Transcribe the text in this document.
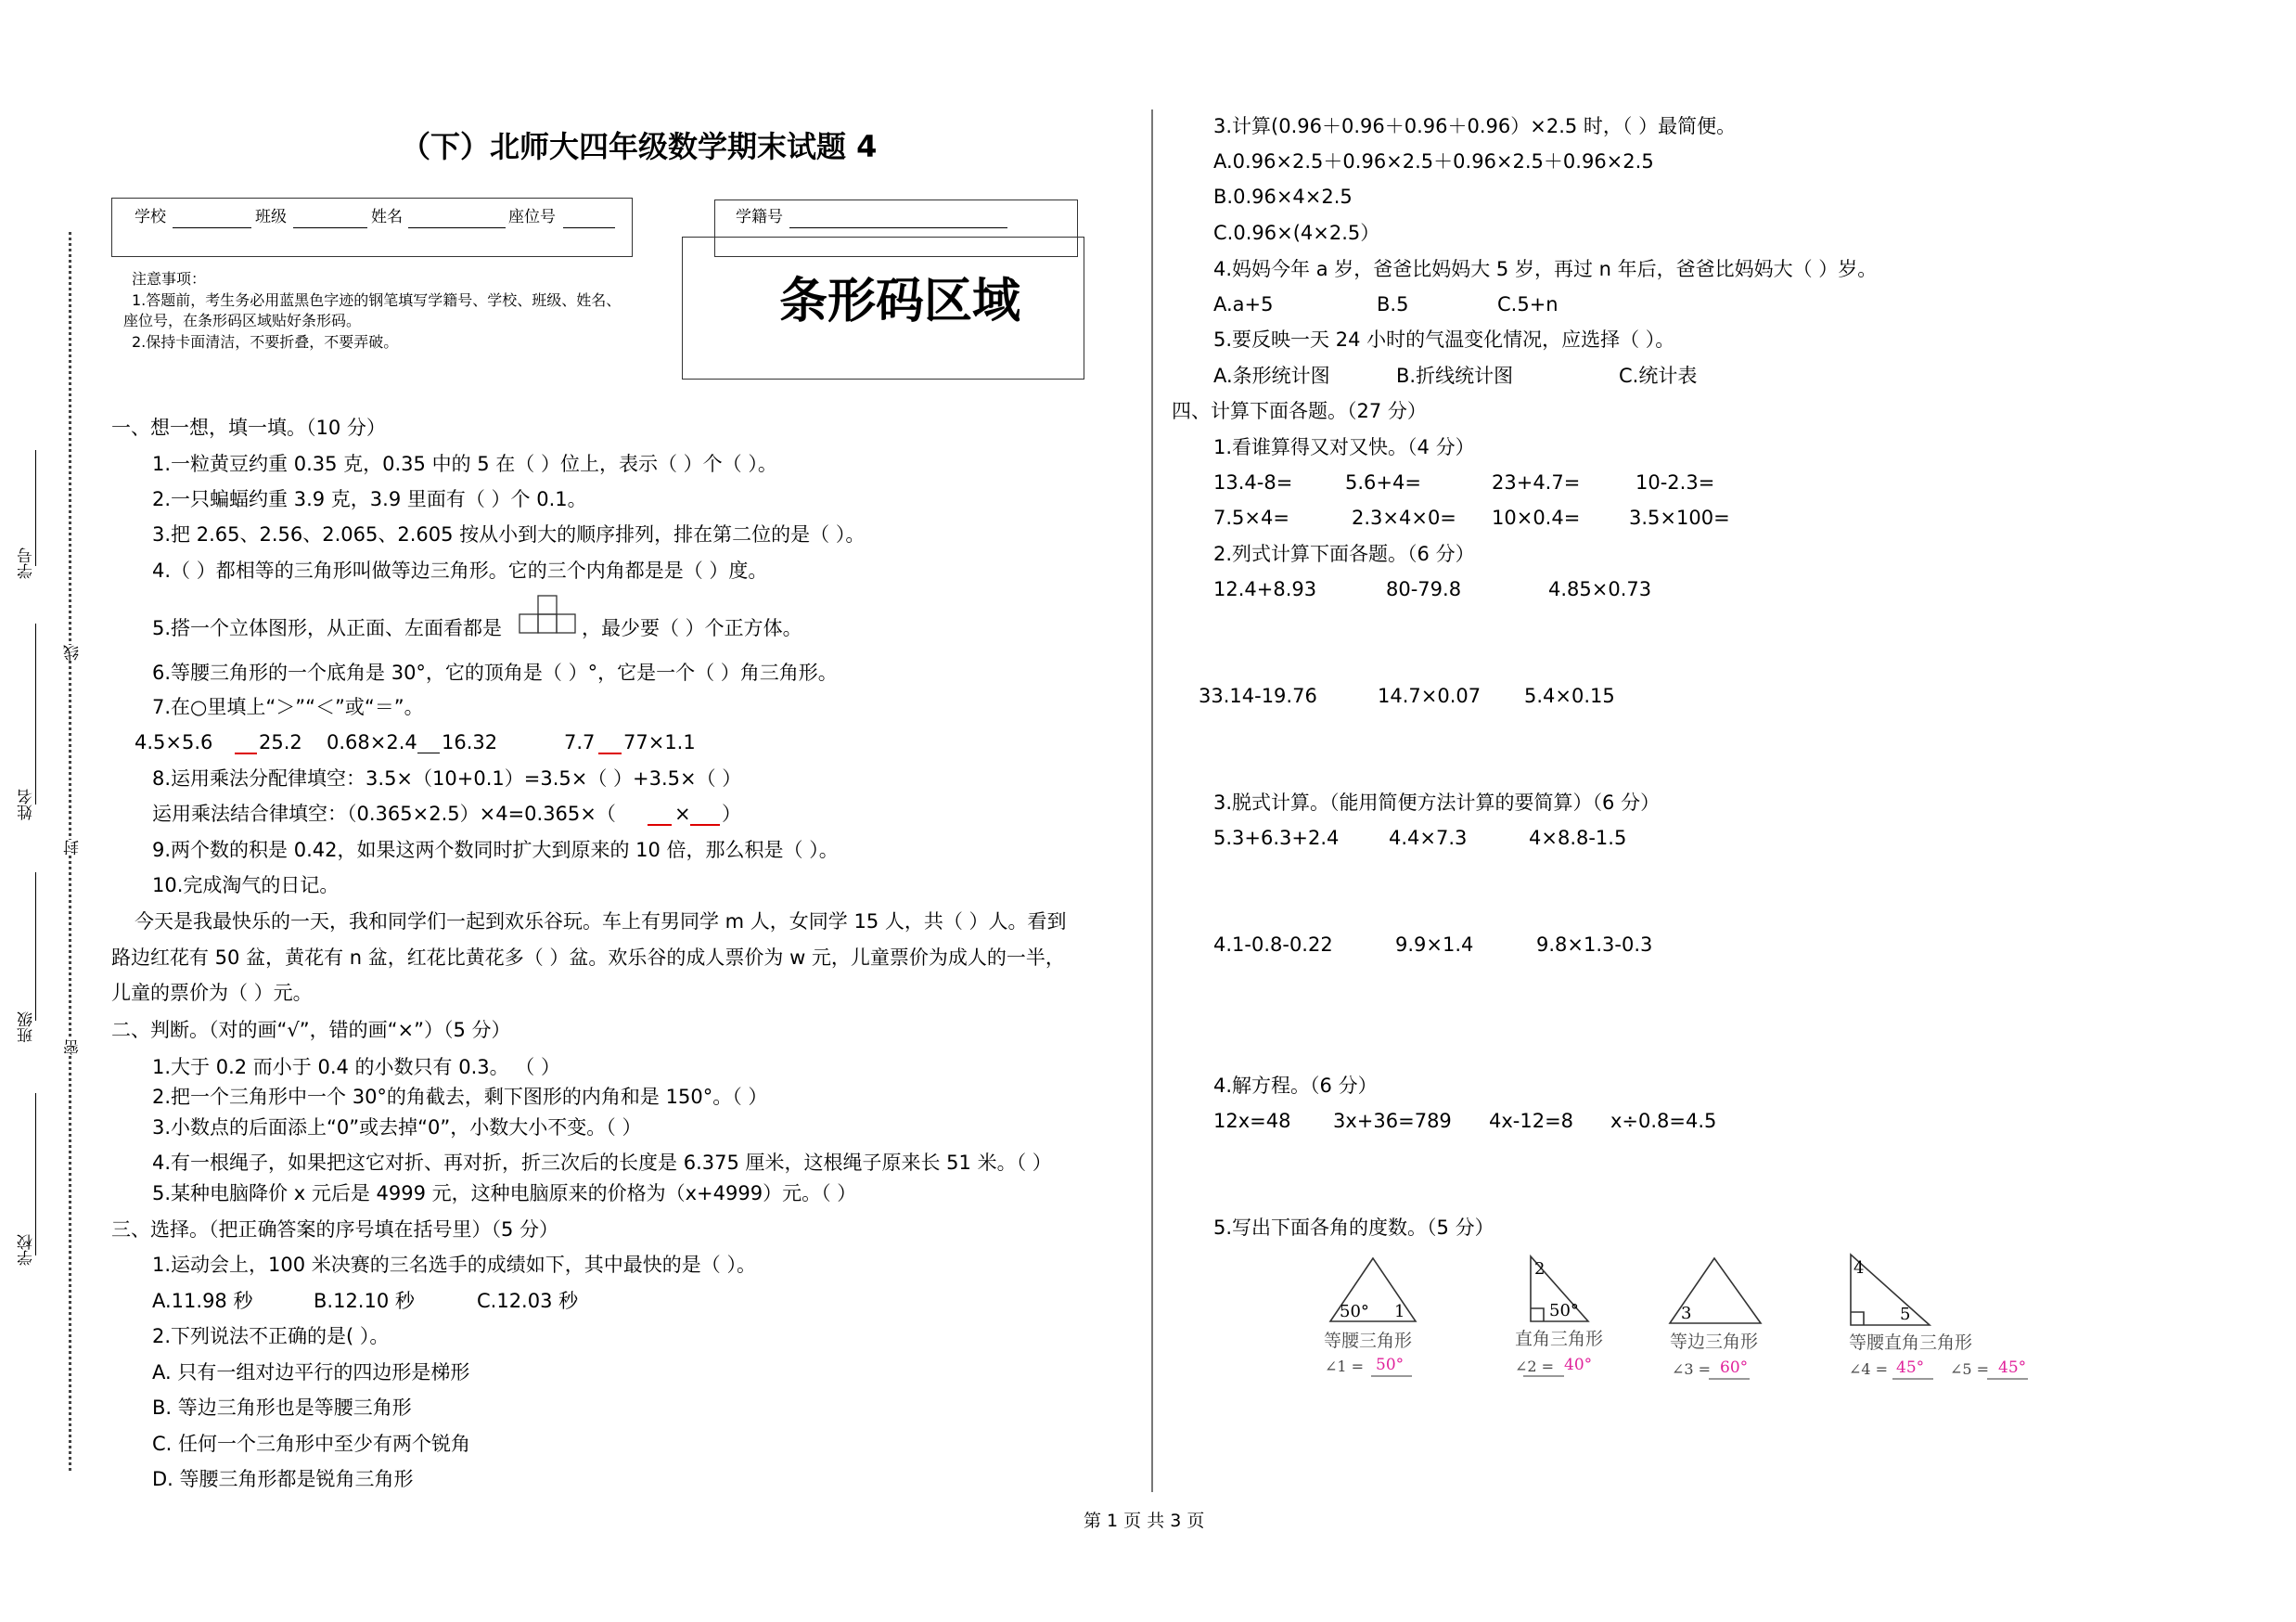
（下）北师大四年级数学期末试题 4
学校	班级	姓名	座位号	学籍号
条形码区域
注意事项：
1.答题前，考生务必用蓝黑色字迹的钢笔填写学籍号、学校、班级、姓名、
座位号，在条形码区域贴好条形码。
2.保持卡面清洁，不要折叠，不要弄破。
学号
姓名
班级
学校
线
封
密
一、想一想，填一填。（10 分）
1.一粒黄豆约重 0.35 克，0.35 中的 5 在（ ）位上，表示（ ）个（ ）。
2.一只蝙蝠约重 3.9 克，3.9 里面有（ ）个 0.1。
3.把 2.65、2.56、2.065、2.605 按从小到大的顺序排列，排在第二位的是（ ）。
4.（ ）都相等的三角形叫做等边三角形。它的三个内角都是是（ ）度。
5.搭一个立体图形，从正面、左面看都是	，最少要（ ）个正方体。
6.等腰三角形的一个底角是 30°，它的顶角是（ ）°，它是一个（ ）角三角形。
7.在○里填上“＞”“＜”或“＝”。
4.5×5.6 25.2 0.68×2.4 16.32	7.7 77×1.1
8.运用乘法分配律填空：3.5×（10+0.1）=3.5×（ ）+3.5×（ ）
运用乘法结合律填空：（0.365×2.5）×4=0.365×（	× ）
9.两个数的积是 0.42，如果这两个数同时扩大到原来的 10 倍，那么积是（ ）。
10.完成淘气的日记。
今天是我最快乐的一天，我和同学们一起到欢乐谷玩。车上有男同学 m 人，女同学 15 人，共（ ）人。看到
路边红花有 50 盆，黄花有 n 盆，红花比黄花多（ ）盆。欢乐谷的成人票价为 w 元，儿童票价为成人的一半，
儿童的票价为（ ）元。
二、判断。（对的画“√”，错的画“×”）（5 分）
1.大于 0.2 而小于 0.4 的小数只有 0.3。 （ ）
2.把一个三角形中一个 30°的角截去，剩下图形的内角和是 150°。（ ）
3.小数点的后面添上“0”或去掉“0”，小数大小不变。（ ）
4.有一根绳子，如果把这它对折、再对折，折三次后的长度是 6.375 厘米，这根绳子原来长 51 米。（ ）
5.某种电脑降价 x 元后是 4999 元，这种电脑原来的价格为（x+4999）元。（ ）
三、选择。（把正确答案的序号填在括号里）（5 分）
1.运动会上，100 米决赛的三名选手的成绩如下，其中最快的是（ ）。
A.11.98 秒	B.12.10 秒	C.12.03 秒
2.下列说法不正确的是( ）。
A. 只有一组对边平行的四边形是梯形
B. 等边三角形也是等腰三角形
C. 任何一个三角形中至少有两个锐角
D. 等腰三角形都是锐角三角形
3.计算(0.96＋0.96＋0.96＋0.96）×2.5 时，（ ）最简便。
A.0.96×2.5＋0.96×2.5＋0.96×2.5＋0.96×2.5
B.0.96×4×2.5
C.0.96×(4×2.5）
4.妈妈今年 a 岁，爸爸比妈妈大 5 岁，再过 n 年后，爸爸比妈妈大（ ）岁。
A.a+5	B.5	C.5+n
5.要反映一天 24 小时的气温变化情况，应选择（ ）。
A.条形统计图	B.折线统计图	C.统计表
四、计算下面各题。（27 分）
1.看谁算得又对又快。（4 分）
13.4-8=	5.6+4=	23+4.7=	10-2.3=
7.5×4=	2.3×4×0= 10×0.4=	3.5×100=
2.列式计算下面各题。（6 分）
12.4+8.93	80-79.8	4.85×0.73
33.14-19.76	14.7×0.07 5.4×0.15
3.脱式计算。（能用简便方法计算的要简算）（6 分）
5.3+6.3+2.4	4.4×7.3	4×8.8-1.5
4.1-0.8-0.22	9.9×1.4	9.8×1.3-0.3
4.解方程。（6 分）
12x=48 3x+36=789 4x-12=8 x÷0.8=4.5
5.写出下面各角的度数。（5 分）
50° 1
等腰三角形
∠1 = 50°
2
50°
直角三角形
∠2 = 40°
3
等边三角形
∠3 = 60°
4
5
等腰直角三角形
∠4 = 45° ∠5 = 45°
第 1 页 共 3 页
